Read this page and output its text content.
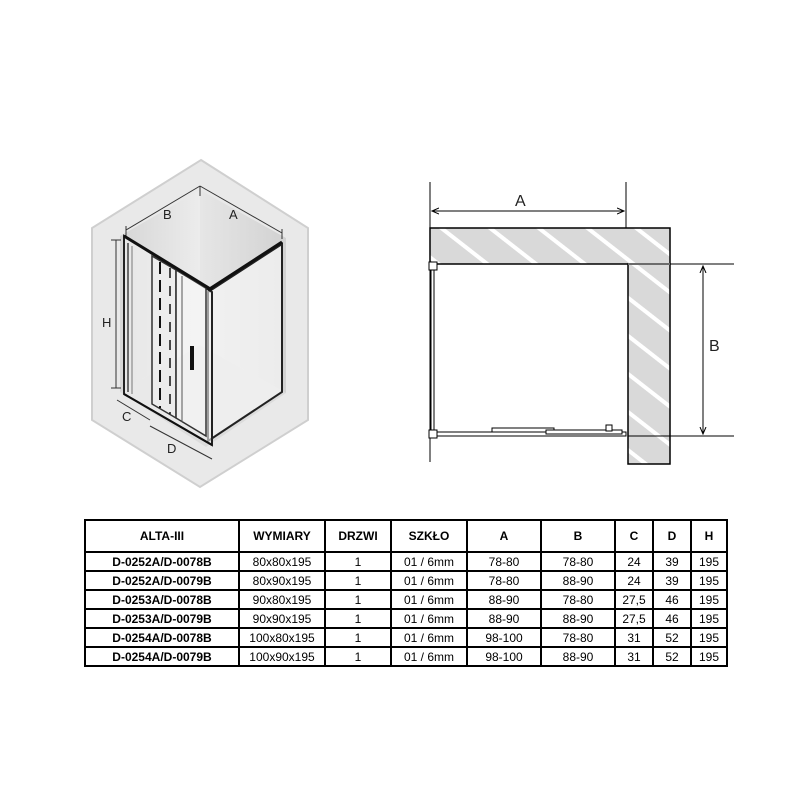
B	A
H
C
D
A
B
ALTA-III	WYMIARY	DRZWI	SZKŁO	A	B	C	D	H
D-0252A/D-0078B	80x80x195	1	01 / 6mm	78-80	78-80	24	39	195
D-0252A/D-0079B	80x90x195	1	01 / 6mm	78-80	88-90	24	39	195
D-0253A/D-0078B	90x80x195	1	01 / 6mm	88-90	78-80	27,5	46	195
D-0253A/D-0079B	90x90x195	1	01 / 6mm	88-90	88-90	27,5	46	195
D-0254A/D-0078B	100x80x195	1	01 / 6mm	98-100	78-80	31	52	195
D-0254A/D-0079B	100x90x195	1	01 / 6mm	98-100	88-90	31	52	195
